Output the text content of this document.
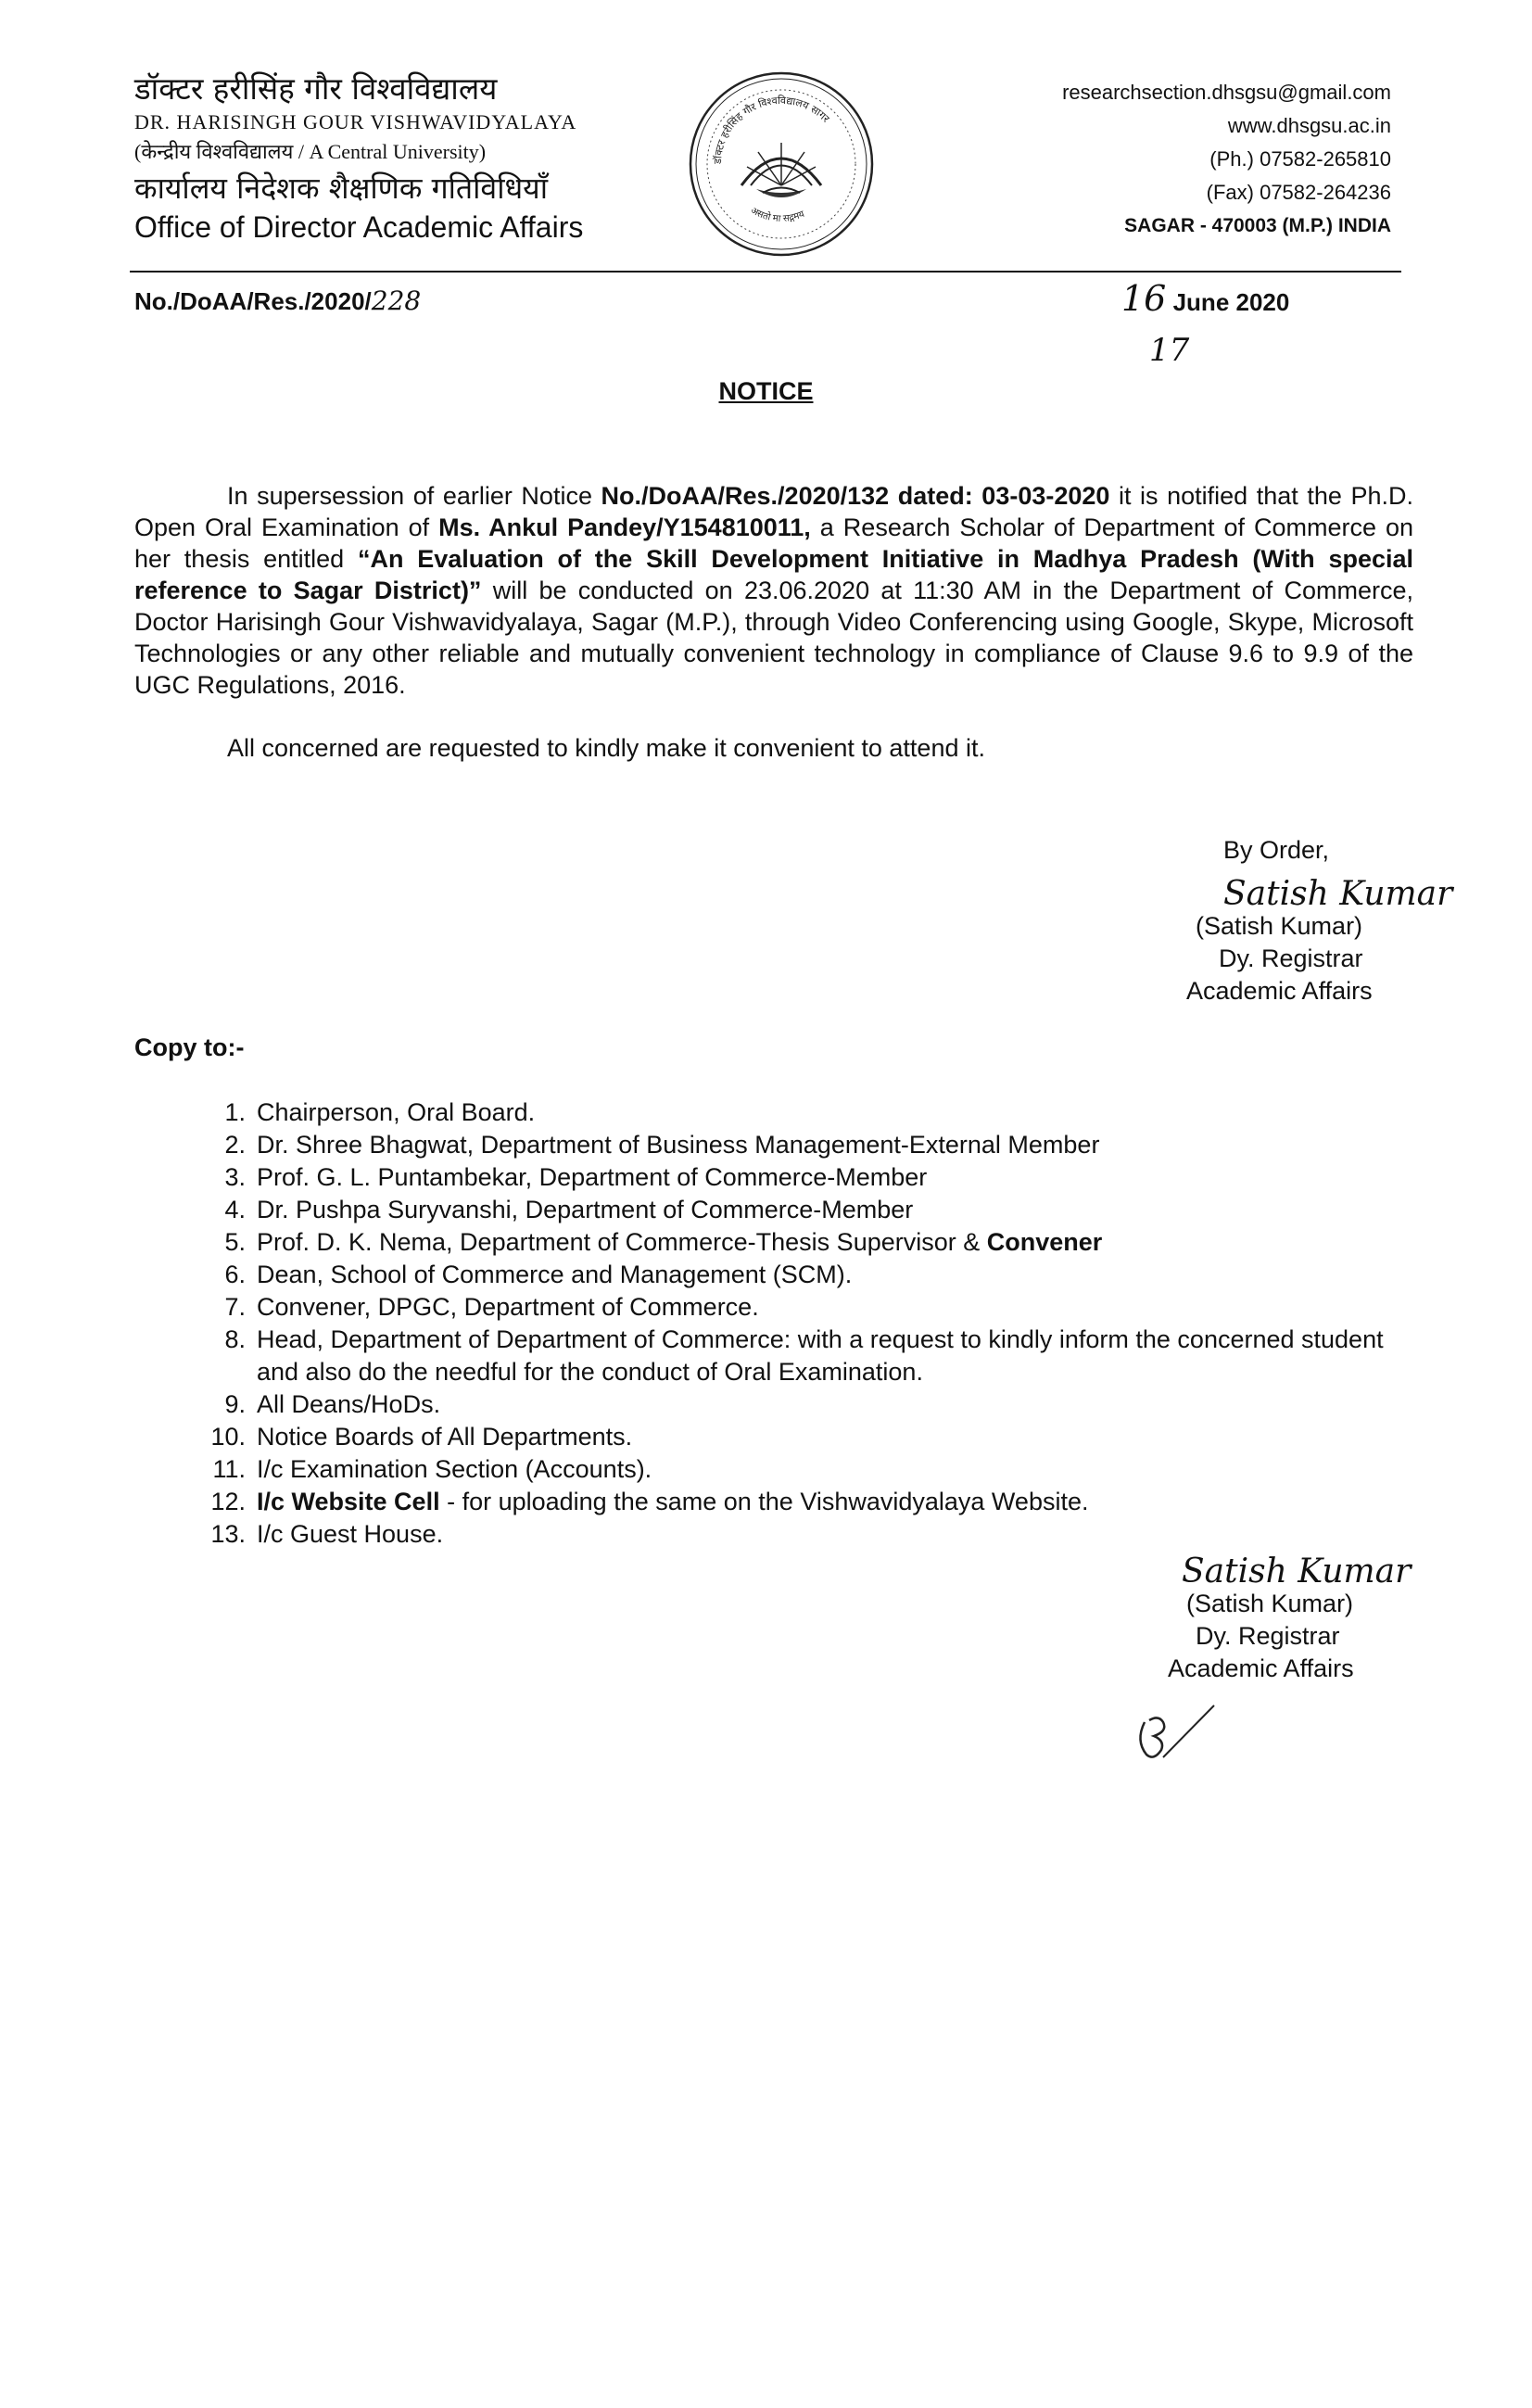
डॉक्टर हरीसिंह गौर विश्वविद्यालय
DR. HARISINGH GOUR VISHWAVIDYALAYA
(केन्द्रीय विश्वविद्यालय / A Central University)
कार्यालय निदेशक शैक्षणिक गतिविधियाँ
Office of Director Academic Affairs
डॉक्टर हरीसिंह गौर विश्वविद्यालय सागर
असतो मा सद्गमय
researchsection.dhsgsu@gmail.com
www.dhsgsu.ac.in
(Ph.) 07582-265810
(Fax) 07582-264236
SAGAR - 470003 (M.P.) INDIA
No./DoAA/Res./2020/228	16 June 2020
17
NOTICE

In supersession of earlier Notice No./DoAA/Res./2020/132 dated: 03-03-2020 it is notified that the Ph.D. Open Oral Examination of Ms. Ankul Pandey/Y154810011, a Research Scholar of Department of Commerce on her thesis entitled “An Evaluation of the Skill Development Initiative in Madhya Pradesh (With special reference to Sagar District)” will be conducted on 23.06.2020 at 11:30 AM in the Department of Commerce, Doctor Harisingh Gour Vishwavidyalaya, Sagar (M.P.), through Video Conferencing using Google, Skype, Microsoft Technologies or any other reliable and mutually convenient technology in compliance of Clause 9.6 to 9.9 of the UGC Regulations, 2016.

All concerned are requested to kindly make it convenient to attend it.

By Order,
Satish Kumar
(Satish Kumar)
Dy. Registrar
Academic Affairs
Copy to:-
1. Chairperson, Oral Board.
2. Dr. Shree Bhagwat, Department of Business Management-External Member
3. Prof. G. L. Puntambekar, Department of Commerce-Member
4. Dr. Pushpa Suryvanshi, Department of Commerce-Member
5. Prof. D. K. Nema, Department of Commerce-Thesis Supervisor & Convener
6. Dean, School of Commerce and Management (SCM).
7. Convener, DPGC, Department of Commerce.
8. Head, Department of Department of Commerce: with a request to kindly inform the concerned student and also do the needful for the conduct of Oral Examination.
9. All Deans/HoDs.
10. Notice Boards of All Departments.
11. I/c Examination Section (Accounts).
12. I/c Website Cell - for uploading the same on the Vishwavidyalaya Website.
13. I/c Guest House.
Satish Kumar
(Satish Kumar)
Dy. Registrar
Academic Affairs
